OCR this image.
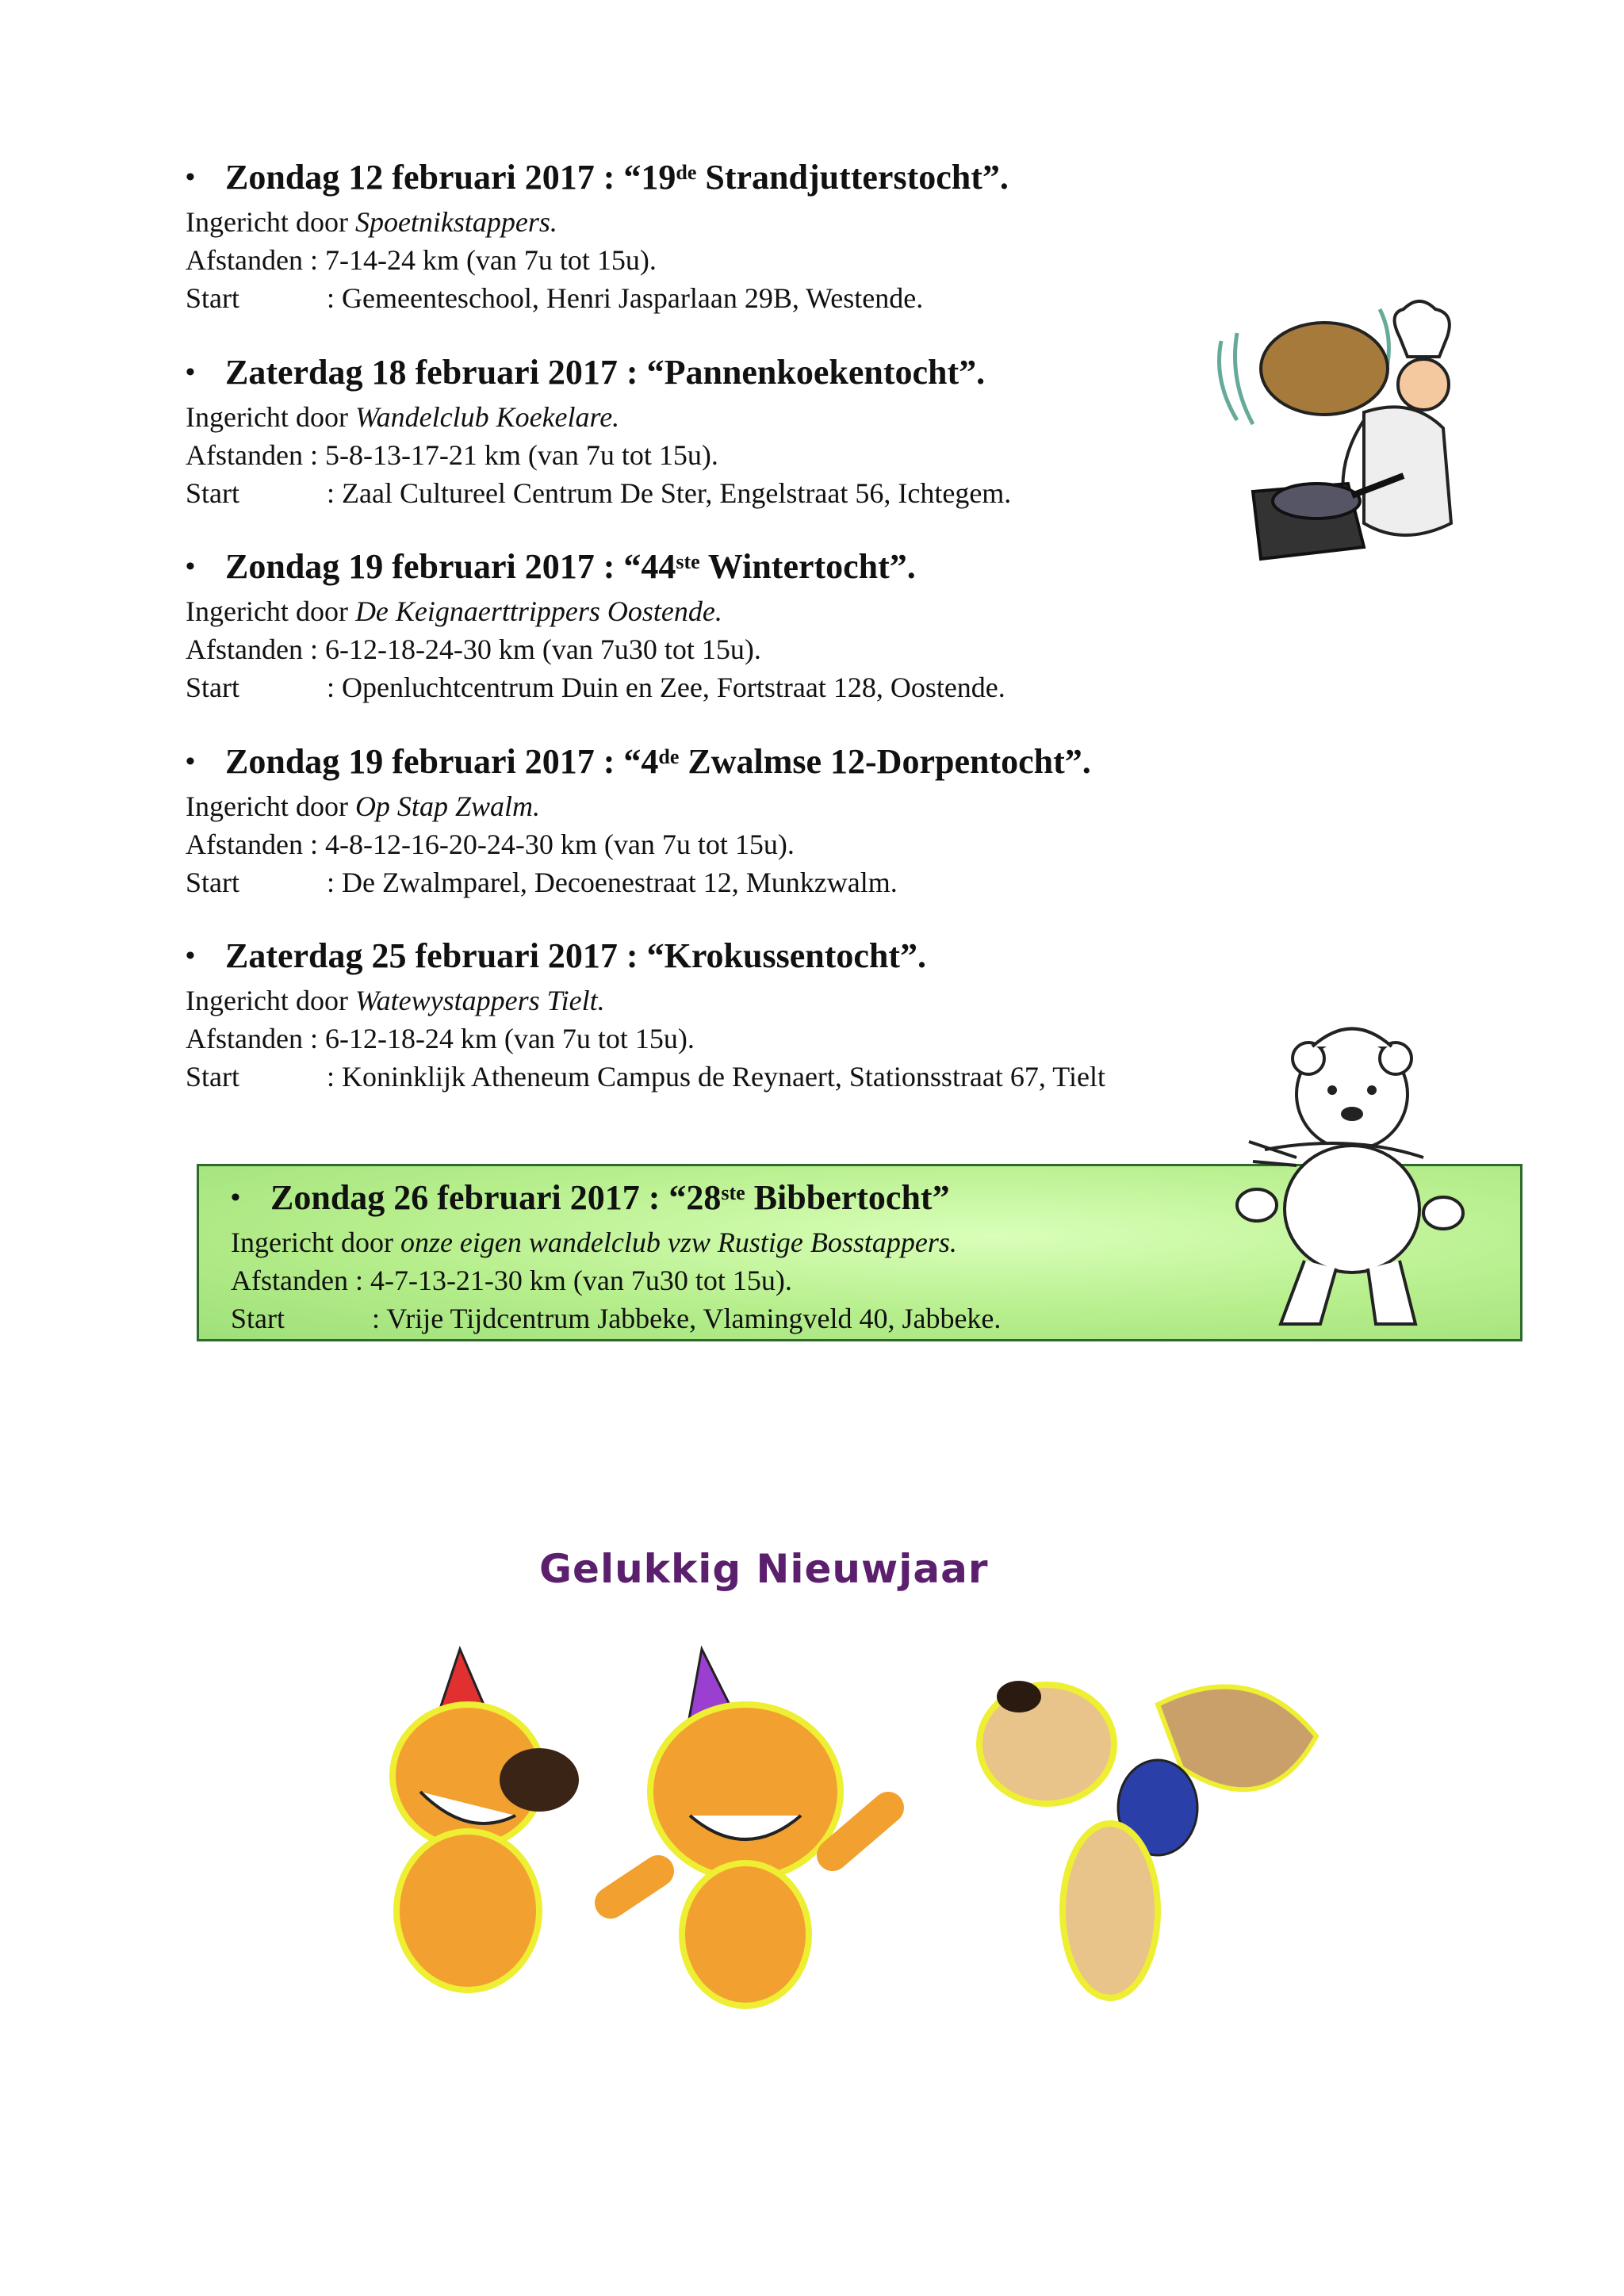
• Zondag 12 februari 2017 : “19de Strandjutterstocht”.
Ingericht door Spoetnikstappers.
Afstanden : 7-14-24 km (van 7u tot 15u).
Start	: Gemeenteschool, Henri Jasparlaan 29B, Westende.
• Zaterdag 18 februari 2017 : “Pannenkoekentocht”.
Ingericht door Wandelclub Koekelare.
Afstanden : 5-8-13-17-21 km (van 7u tot 15u).
Start	: Zaal Cultureel Centrum De Ster, Engelstraat 56, Ichtegem.
• Zondag 19 februari 2017 : “44ste Wintertocht”.
Ingericht door De Keignaerttrippers Oostende.
Afstanden : 6-12-18-24-30 km (van 7u30 tot 15u).
Start	: Openluchtcentrum Duin en Zee, Fortstraat 128, Oostende.
• Zondag 19 februari 2017 : “4de Zwalmse 12-Dorpentocht”.
Ingericht door Op Stap Zwalm.
Afstanden : 4-8-12-16-20-24-30 km (van 7u tot 15u).
Start	: De Zwalmparel, Decoenestraat 12, Munkzwalm.
• Zaterdag 25 februari 2017 : “Krokussentocht”.
Ingericht door Watewystappers Tielt.
Afstanden : 6-12-18-24 km (van 7u tot 15u).
Start	: Koninklijk Atheneum Campus de Reynaert, Stationsstraat 67, Tielt
• Zondag 26 februari 2017 : “28ste Bibbertocht”
Ingericht door onze eigen wandelclub vzw Rustige Bosstappers.
Afstanden : 4-7-13-21-30 km (van 7u30 tot 15u).
Start	: Vrije Tijdcentrum Jabbeke, Vlamingveld 40, Jabbeke.
Gelukkig Nieuwjaar
